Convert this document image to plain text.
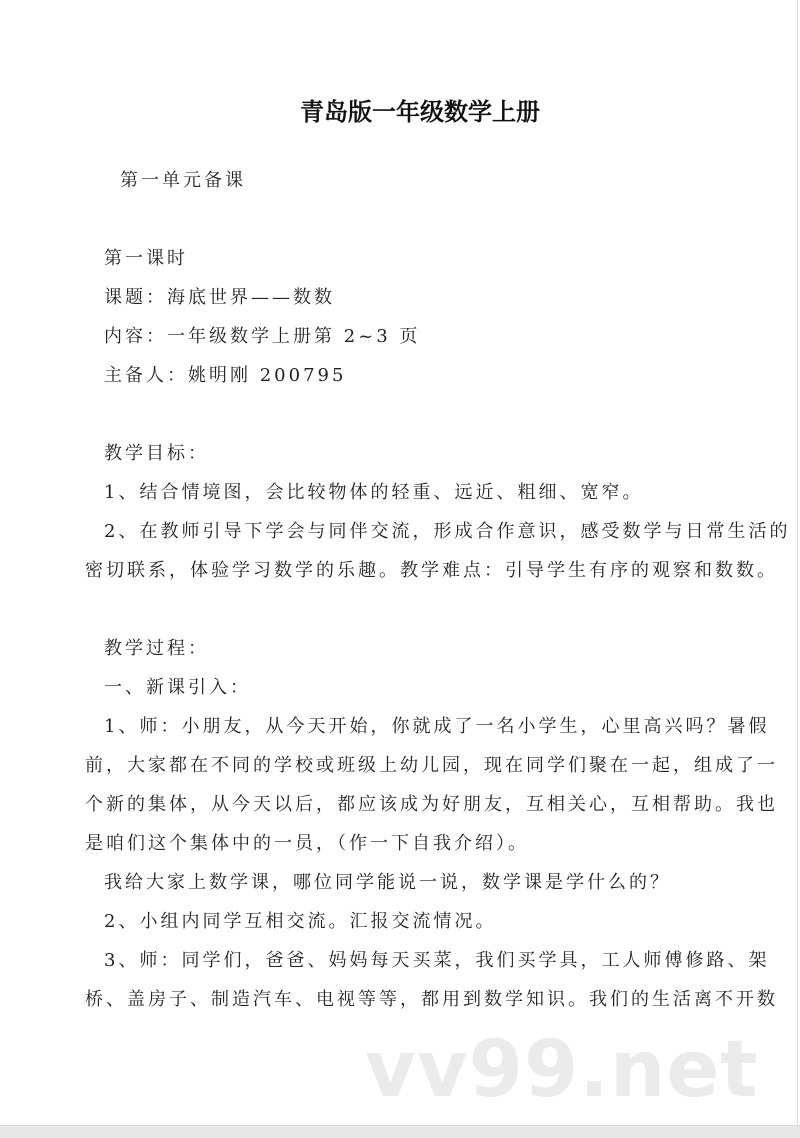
青岛版一年级数学上册
第一单元备课
第一课时
课题：海底世界——数数
内容：一年级数学上册第 2~3 页
主备人：姚明刚 200795
教学目标：
1、结合情境图，会比较物体的轻重、远近、粗细、宽窄。
2、在教师引导下学会与同伴交流，形成合作意识，感受数学与日常生活的
密切联系，体验学习数学的乐趣。教学难点：引导学生有序的观察和数数。
教学过程：
一、新课引入：
1、师：小朋友，从今天开始，你就成了一名小学生，心里高兴吗？暑假
前，大家都在不同的学校或班级上幼儿园，现在同学们聚在一起，组成了一
个新的集体，从今天以后，都应该成为好朋友，互相关心，互相帮助。我也
是咱们这个集体中的一员，（作一下自我介绍）。
我给大家上数学课，哪位同学能说一说，数学课是学什么的？
2、小组内同学互相交流。汇报交流情况。
3、师：同学们，爸爸、妈妈每天买菜，我们买学具，工人师傅修路、架
桥、盖房子、制造汽车、电视等等，都用到数学知识。我们的生活离不开数
vv99.net
